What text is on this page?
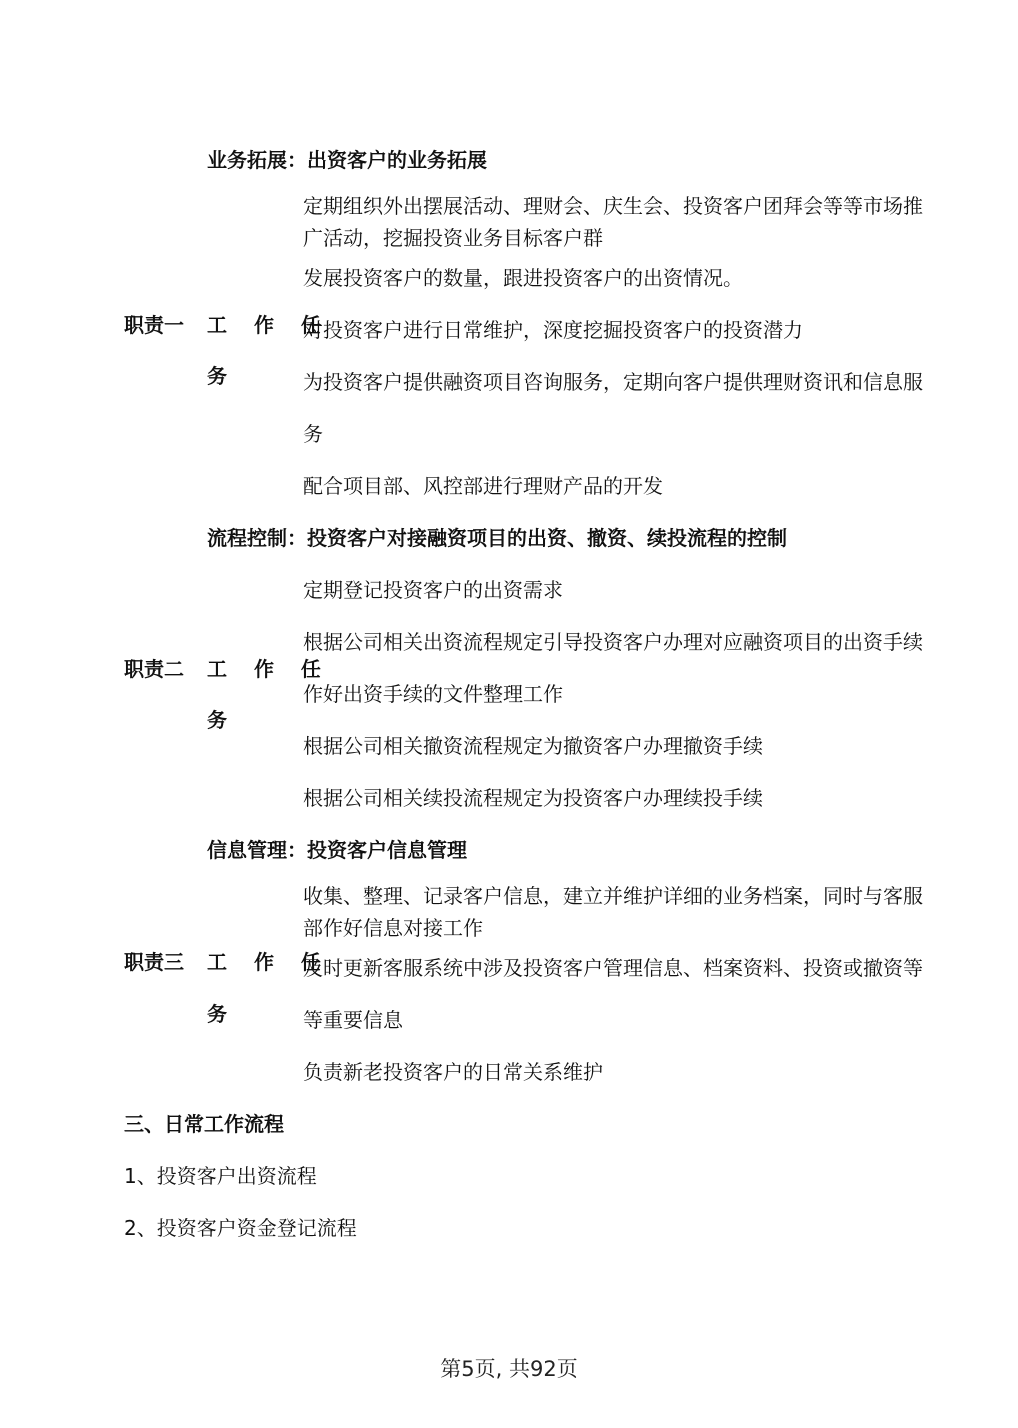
业务拓展：出资客户的业务拓展
定期组织外出摆展活动、理财会、庆生会、投资客户团拜会等等市场推
广活动，挖掘投资业务目标客户群
发展投资客户的数量，跟进投资客户的出资情况。
职责一 工 作 任
对投资客户进行日常维护，深度挖掘投资客户的投资潜力
务	为投资客户提供融资项目咨询服务，定期向客户提供理财资讯和信息服
务
配合项目部、风控部进行理财产品的开发
流程控制：投资客户对接融资项目的出资、撤资、续投流程的控制
定期登记投资客户的出资需求
根据公司相关出资流程规定引导投资客户办理对应融资项目的出资手续
职责二 工 作 任
作好出资手续的文件整理工作
务
根据公司相关撤资流程规定为撤资客户办理撤资手续
根据公司相关续投流程规定为投资客户办理续投手续
信息管理：投资客户信息管理
收集、整理、记录客户信息，建立并维护详细的业务档案，同时与客服
部作好信息对接工作
职责三 工 作 任
及时更新客服系统中涉及投资客户管理信息、档案资料、投资或撤资等
务	等重要信息
负责新老投资客户的日常关系维护
三、日常工作流程
1、投资客户出资流程
2、投资客户资金登记流程
第5页, 共92页
